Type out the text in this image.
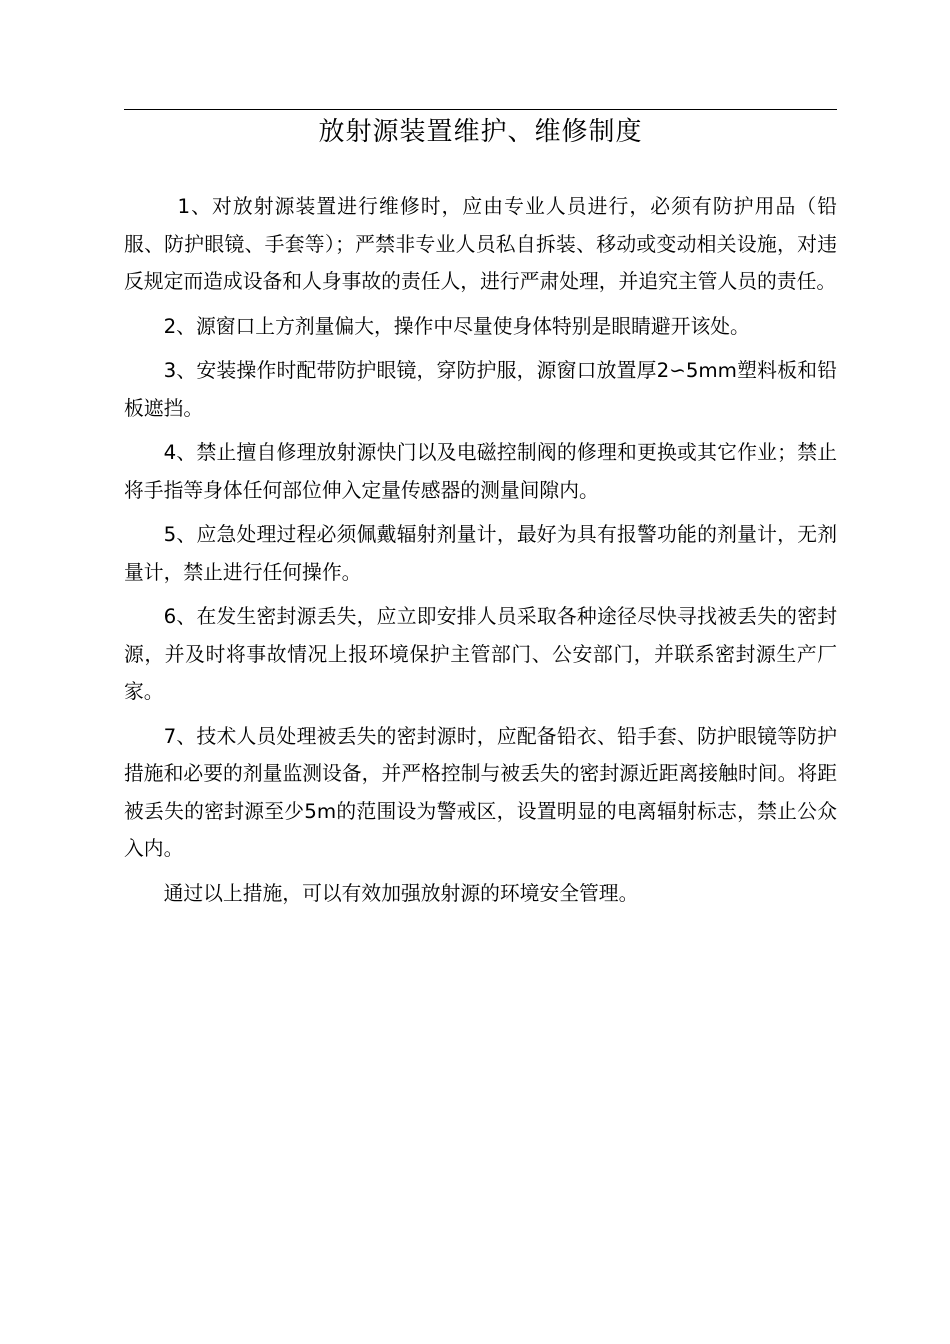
放射源装置维护、维修制度

1、对放射源装置进行维修时，应由专业人员进行，必须有防护用品（铅服、防护眼镜、手套等）；严禁非专业人员私自拆装、移动或变动相关设施，对违反规定而造成设备和人身事故的责任人，进行严肃处理，并追究主管人员的责任。

2、源窗口上方剂量偏大，操作中尽量使身体特别是眼睛避开该处。

3、安装操作时配带防护眼镜，穿防护服，源窗口放置厚2∽5mm塑料板和铅板遮挡。

4、禁止擅自修理放射源快门以及电磁控制阀的修理和更换或其它作业；禁止将手指等身体任何部位伸入定量传感器的测量间隙内。

5、应急处理过程必须佩戴辐射剂量计，最好为具有报警功能的剂量计，无剂量计，禁止进行任何操作。

6、在发生密封源丢失，应立即安排人员采取各种途径尽快寻找被丢失的密封源，并及时将事故情况上报环境保护主管部门、公安部门，并联系密封源生产厂家。

7、技术人员处理被丢失的密封源时，应配备铅衣、铅手套、防护眼镜等防护措施和必要的剂量监测设备，并严格控制与被丢失的密封源近距离接触时间。将距被丢失的密封源至少5m的范围设为警戒区，设置明显的电离辐射标志，禁止公众入内。

通过以上措施，可以有效加强放射源的环境安全管理。
